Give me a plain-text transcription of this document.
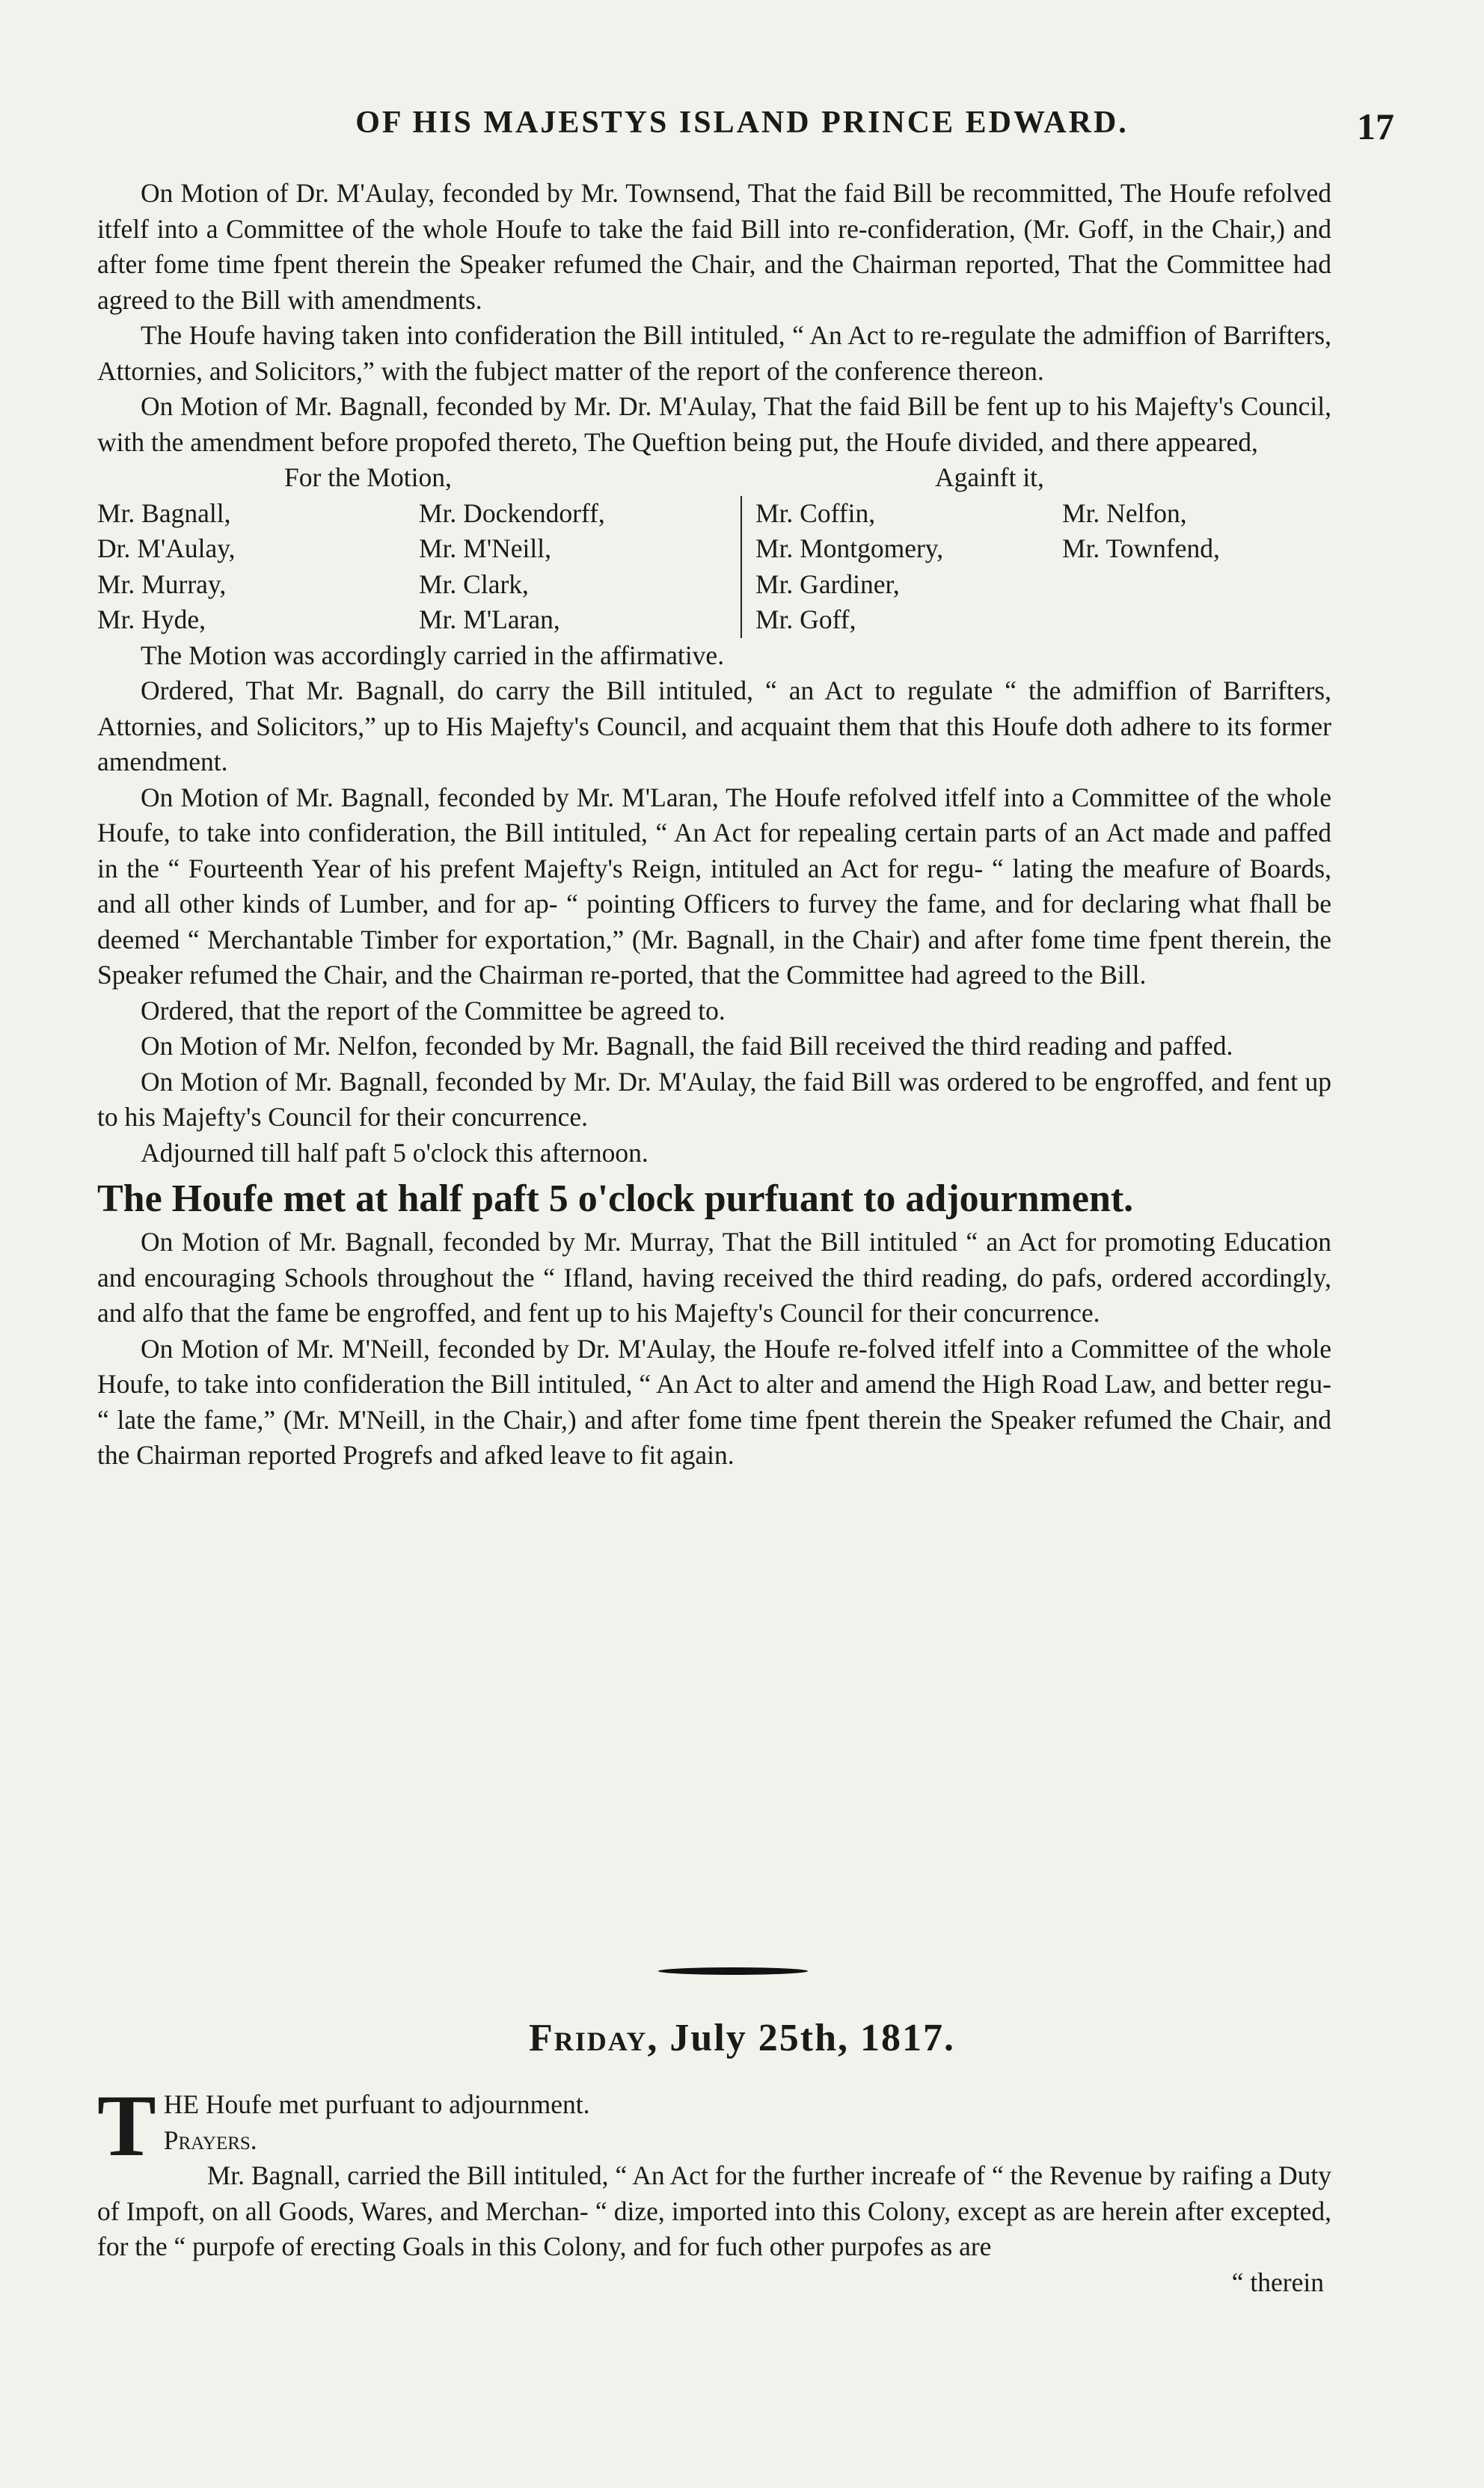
OF HIS MAJESTYS ISLAND PRINCE EDWARD.	17

On Motion of Dr. M'Aulay, feconded by Mr. Townsend, That the faid Bill be recommitted, The Houfe refolved itfelf into a Committee of the whole Houfe to take the faid Bill into re-confideration, (Mr. Goff, in the Chair,) and after fome time fpent therein the Speaker refumed the Chair, and the Chairman reported, That the Committee had agreed to the Bill with amendments.

The Houfe having taken into confideration the Bill intituled, “ An Act to re-regulate the admiffion of Barrifters, Attornies, and Solicitors,” with the fubject matter of the report of the conference thereon.

On Motion of Mr. Bagnall, feconded by Mr. Dr. M'Aulay, That the faid Bill be fent up to his Majefty's Council, with the amendment before propofed thereto, The Queftion being put, the Houfe divided, and there appeared,

For the Motion,	Againft it,
Mr. Bagnall,
Dr. M'Aulay,
Mr. Murray,
Mr. Hyde,
Mr. Dockendorff,
Mr. M'Neill,
Mr. Clark,
Mr. M'Laran,
Mr. Coffin,
Mr. Montgomery,
Mr. Gardiner,
Mr. Goff,
Mr. Nelfon,
Mr. Townfend,

The Motion was accordingly carried in the affirmative.

Ordered, That Mr. Bagnall, do carry the Bill intituled, “ an Act to regulate “ the admiffion of Barrifters, Attornies, and Solicitors,” up to His Majefty's Council, and acquaint them that this Houfe doth adhere to its former amendment.

On Motion of Mr. Bagnall, feconded by Mr. M'Laran, The Houfe refolved itfelf into a Committee of the whole Houfe, to take into confideration, the Bill intituled, “ An Act for repealing certain parts of an Act made and paffed in the “ Fourteenth Year of his prefent Majefty's Reign, intituled an Act for regu- “ lating the meafure of Boards, and all other kinds of Lumber, and for ap- “ pointing Officers to furvey the fame, and for declaring what fhall be deemed “ Merchantable Timber for exportation,” (Mr. Bagnall, in the Chair) and after fome time fpent therein, the Speaker refumed the Chair, and the Chairman re-ported, that the Committee had agreed to the Bill.

Ordered, that the report of the Committee be agreed to.

On Motion of Mr. Nelfon, feconded by Mr. Bagnall, the faid Bill received the third reading and paffed.

On Motion of Mr. Bagnall, feconded by Mr. Dr. M'Aulay, the faid Bill was ordered to be engroffed, and fent up to his Majefty's Council for their concurrence.

Adjourned till half paft 5 o'clock this afternoon.

The Houfe met at half paft 5 o'clock purfuant to adjournment.

On Motion of Mr. Bagnall, feconded by Mr. Murray, That the Bill intituled “ an Act for promoting Education and encouraging Schools throughout the “ Ifland, having received the third reading, do pafs, ordered accordingly, and alfo that the fame be engroffed, and fent up to his Majefty's Council for their concurrence.

On Motion of Mr. M'Neill, feconded by Dr. M'Aulay, the Houfe re-folved itfelf into a Committee of the whole Houfe, to take into confideration the Bill intituled, “ An Act to alter and amend the High Road Law, and better regu- “ late the fame,” (Mr. M'Neill, in the Chair,) and after fome time fpent therein the Speaker refumed the Chair, and the Chairman reported Progrefs and afked leave to fit again.

Friday, July 25th, 1817.
T HE Houfe met purfuant to adjournment.
Prayers.

Mr. Bagnall, carried the Bill intituled, “ An Act for the further increafe of “ the Revenue by raifing a Duty of Impoft, on all Goods, Wares, and Merchan- “ dize, imported into this Colony, except as are herein after excepted, for the “ purpofe of erecting Goals in this Colony, and for fuch other purpofes as are

“ therein
